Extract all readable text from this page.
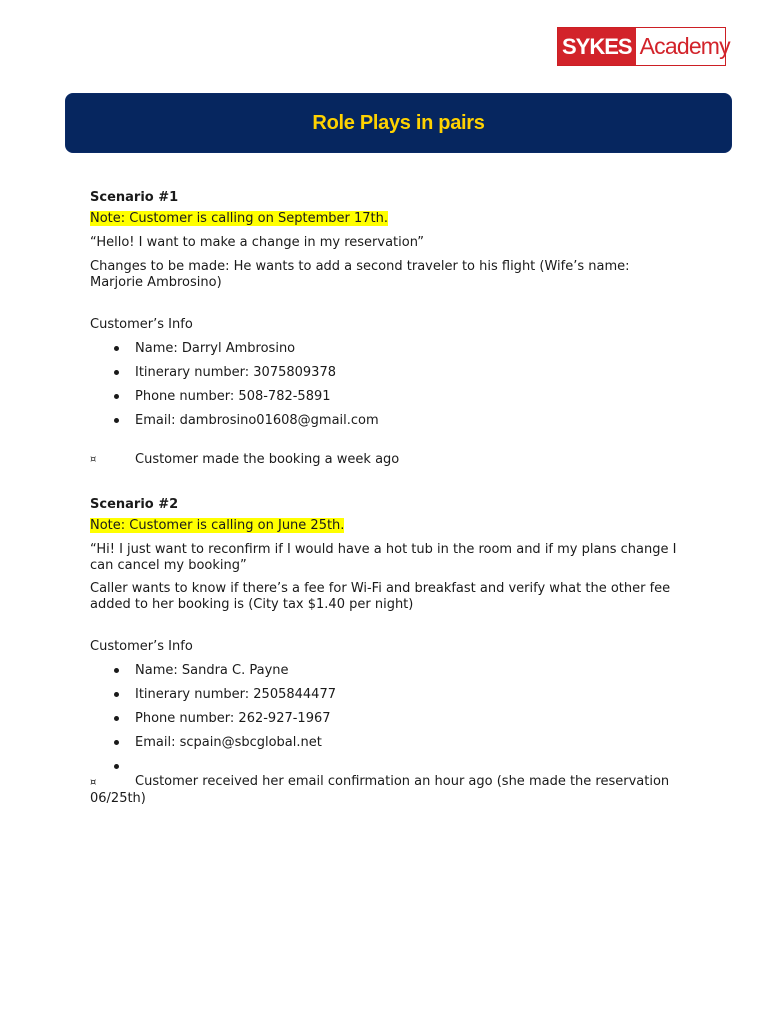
SYKES Academy
Role Plays in pairs

Scenario #1

Note: Customer is calling on September 17th.

“Hello! I want to make a change in my reservation”

Changes to be made: He wants to add a second traveler to his flight (Wife’s name: Marjorie Ambrosino)

Customer’s Info

Name: Darryl Ambrosino
Itinerary number: 3075809378
Phone number: 508-782-5891
Email: dambrosino01608@gmail.com

¤	Customer made the booking a week ago

Scenario #2

Note: Customer is calling on June 25th.

“Hi! I just want to reconfirm if I would have a hot tub in the room and if my plans change I can cancel my booking”

Caller wants to know if there’s a fee for Wi-Fi and breakfast and verify what the other fee added to her booking is (City tax $1.40 per night)

Customer’s Info

Name: Sandra C. Payne
Itinerary number: 2505844477
Phone number: 262-927-1967
Email: scpain@sbcglobal.net

¤	Customer received her email confirmation an hour ago (she made the reservation 06/25th)
